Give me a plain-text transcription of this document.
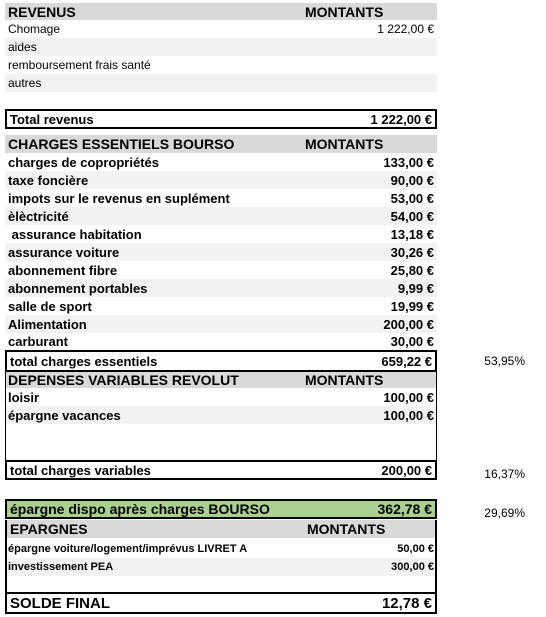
REVENUS	MONTANTS
Chomage	1 222,00 €
aides
remboursement frais santé
autres
Total revenus	1 222,00 €
CHARGES ESSENTIELS BOURSO	MONTANTS
charges de copropriétés	133,00 €
taxe foncière	90,00 €
impots sur le revenus en suplément	53,00 €
èlèctricité	54,00 €
assurance habitation	13,18 €
assurance voiture	30,26 €
abonnement fibre	25,80 €
abonnement portables	9,99 €
salle de sport	19,99 €
Alimentation	200,00 €
carburant	30,00 €
total charges essentiels	659,22 €	53,95%
DEPENSES VARIABLES REVOLUT	MONTANTS
loisir	100,00 €
épargne vacances	100,00 €
total charges variables	200,00 €	16,37%
épargne dispo après charges BOURSO	362,78 €	29,69%
EPARGNES	MONTANTS
épargne voiture/logement/imprévus LIVRET A	50,00 €
investissement PEA	300,00 €
SOLDE FINAL	12,78 €
